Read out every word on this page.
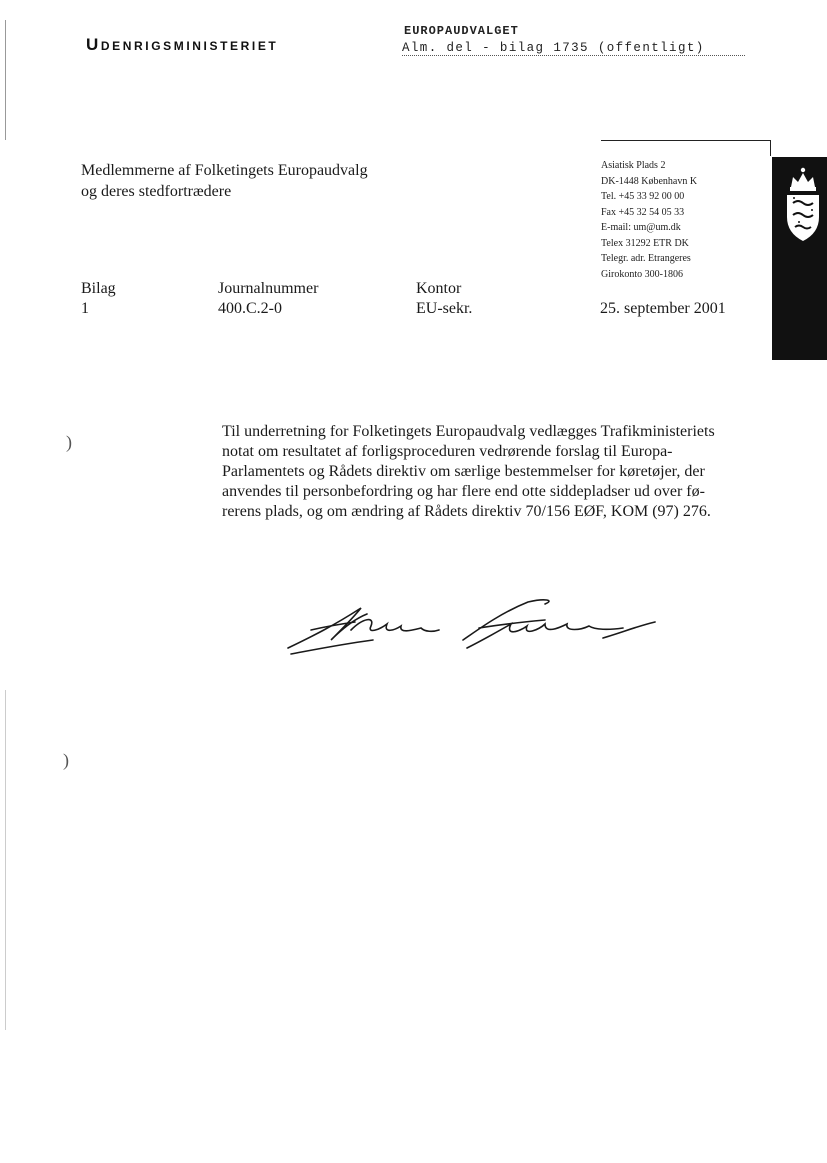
)
)
Udenrigsministeriet
EUROPAUDVALGET
Alm. del - bilag 1735 (offentligt)
Medlemmerne af Folketingets Europaudvalg
og deres stedfortrædere
Asiatisk Plads 2
DK-1448 København K
Tel. +45 33 92 00 00
Fax +45 32 54 05 33
E-mail: um@um.dk
Telex 31292 ETR DK
Telegr. adr. Etrangeres
Girokonto 300-1806
25. september 2001
Bilag
1
Journalnummer
400.C.2-0
Kontor
EU-sekr.
Til underretning for Folketingets Europaudvalg vedlægges Trafikministeriets
notat om resultatet af forligsproceduren vedrørende forslag til Europa-
Parlamentets og Rådets direktiv om særlige bestemmelser for køretøjer, der
anvendes til personbefordring og har flere end otte siddepladser ud over fø-
rerens plads, og om ændring af Rådets direktiv 70/156 EØF, KOM (97) 276.
